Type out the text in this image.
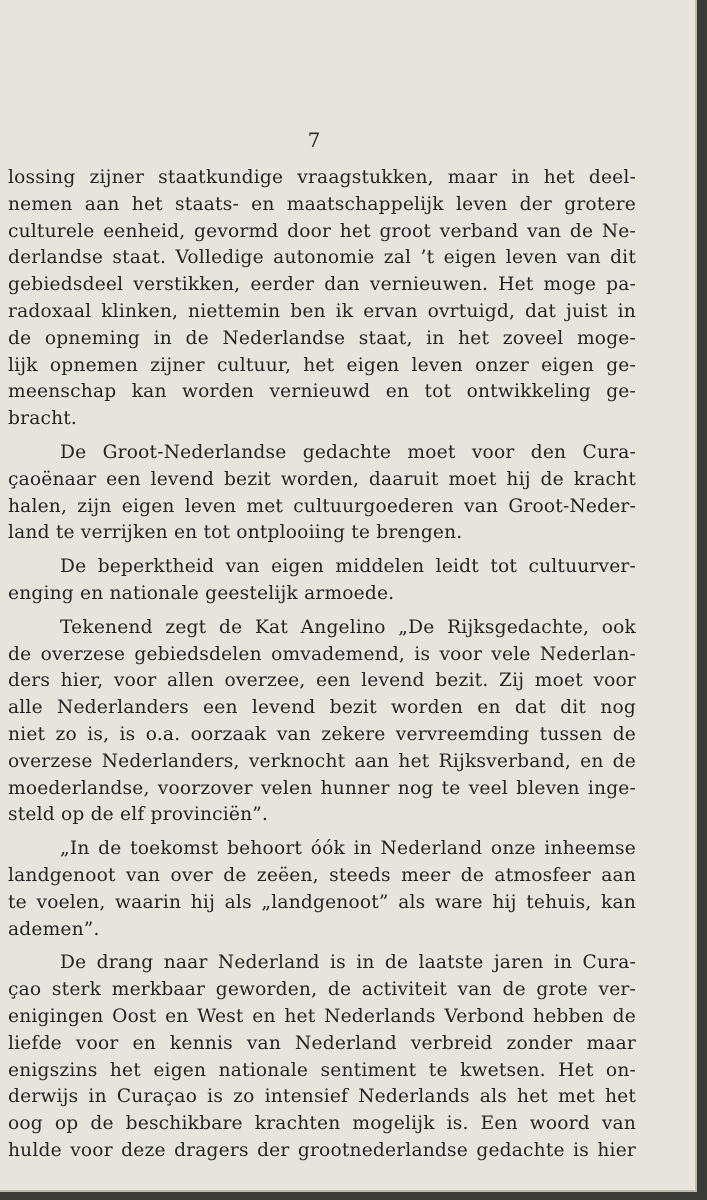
7
lossing zijner staatkundige vraagstukken, maar in het deel-
nemen aan het staats- en maatschappelijk leven der grotere
culturele eenheid, gevormd door het groot verband van de Ne-
derlandse staat. Volledige autonomie zal ’t eigen leven van dit
gebiedsdeel verstikken, eerder dan vernieuwen. Het moge pa-
radoxaal klinken, niettemin ben ik ervan ovrtuigd, dat juist in
de opneming in de Nederlandse staat, in het zoveel moge-
lijk opnemen zijner cultuur, het eigen leven onzer eigen ge-
meenschap kan worden vernieuwd en tot ontwikkeling ge-
bracht.
De Groot-Nederlandse gedachte moet voor den Cura-
çaoënaar een levend bezit worden, daaruit moet hij de kracht
halen, zijn eigen leven met cultuurgoederen van Groot-Neder-
land te verrijken en tot ontplooiing te brengen.
De beperktheid van eigen middelen leidt tot cultuurver-
enging en nationale geestelijk armoede.
Tekenend zegt de Kat Angelino „De Rijksgedachte, ook
de overzese gebiedsdelen omvademend, is voor vele Nederlan-
ders hier, voor allen overzee, een levend bezit. Zij moet voor
alle Nederlanders een levend bezit worden en dat dit nog
niet zo is, is o.a. oorzaak van zekere vervreemding tussen de
overzese Nederlanders, verknocht aan het Rijksverband, en de
moederlandse, voorzover velen hunner nog te veel bleven inge-
steld op de elf provinciën”.
„In de toekomst behoort óók in Nederland onze inheemse
landgenoot van over de zeëen, steeds meer de atmosfeer aan
te voelen, waarin hij als „landgenoot” als ware hij tehuis, kan
ademen”.
De drang naar Nederland is in de laatste jaren in Cura-
çao sterk merkbaar geworden, de activiteit van de grote ver-
enigingen Oost en West en het Nederlands Verbond hebben de
liefde voor en kennis van Nederland verbreid zonder maar
enigszins het eigen nationale sentiment te kwetsen. Het on-
derwijs in Curaçao is zo intensief Nederlands als het met het
oog op de beschikbare krachten mogelijk is. Een woord van
hulde voor deze dragers der grootnederlandse gedachte is hier
